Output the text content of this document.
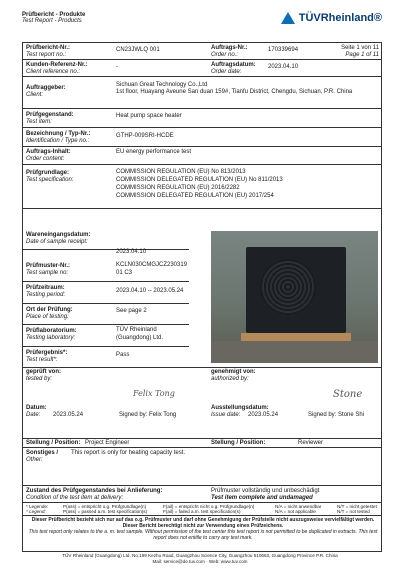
Prüfbericht - Produkte
Test Report - Products	TÜVRheinland®
Prüfbericht-Nr.:
Test report no.:
CN23JWLQ 001	Auftrags-Nr.:
Order no.:
170339694	Seite 1 von 11
Page 1 of 11
Kunden-Referenz-Nr.:
Client reference no.:
-	Auftragsdatum:
Order date:
2023.04.10
Auftraggeber:
Client:
Sichuan Great Technology Co.,Ltd
1st floor, Huayang Aveune San duan 159#, Tianfu District, Chengdu, Sichuan, P.R. China
Prüfgegenstand:
Test item:
Heat pump space heater
Bezeichnung / Typ-Nr.:
Identification / Type no.:
GTHP-009SRI-HCDE
Auftrags-Inhalt:
Order content:
EU energy performance test
Prüfgrundlage:
Test specification:
COMMISSION REGULATION (EU) No 813/2013
COMMISSION DELEGATED REGULATION (EU) No 811/2013
COMMISSION REGULATION (EU) 2016/2282
COMMISSION DELEGATED REGULATION (EU) 2017/254
Wareneingangsdatum:
Date of sample receipt:
2023.04.10
Prüfmuster-Nr.:
Test sample no:
KCLN030CMGJCZ230319
01 C3
Prüfzeitraum:
Testing period:
2023.04.10 -- 2023.05.24
Ort der Prüfung:
Place of testing:
See page 2
Prüflaboratorium:
Testing laboratory:
TÜV Rheinland
(Guangdong) Ltd.
Prüfergebnis*:
Test result*:
Pass
geprüft von:
tested by:
genehmigt von:
authorized by:
Felix Tong	Stone
Datum:
Date:	2023.05.24	Signed by: Felix Tong
Ausstellungsdatum:
Issue date:	2023.05.24	Signed by: Stone Shi
Stellung / Position: Project Engineer	Stellung / Position:	Reviewer
Sonstiges /
Other:
This report is only for heating capacity test.
Zustand des Prüfgegenstandes bei Anlieferung:
Condition of the test item at delivery:
Prüfmuster vollständig und unbeschädigt
Test item complete and undamaged
* Legende:
* Legend:
P(ass) = entspricht o.g. Prüfgrundlage(n)
P(ass) = passed a.m. test specification(s)
F(ail) = entspricht nicht o.g. Prüfgrundlage(n)
F(ail) = failed a.m. test specification(s)
N/A = nicht anwendbar
N/A = not applicable
N/T = nicht getestet
N/T = not tested
Dieser Prüfbericht bezieht sich nur auf das o.g. Prüfmuster und darf ohne Genehmigung der Prüfstelle nicht auszugsweise vervielfältigt werden. Dieser Bericht berechtigt nicht zur Verwendung eines Prüfzeichens.
This test report only relates to the a. m. test sample. Without permission of the test center this test report is not permitted to be duplicated in extracts. This test report does not entitle to carry any test mark.
TÜV Rheinland (Guangdong) Ltd. No.199 Kezhu Road, Guangzhou Science City, Guangzhou 510663, Guangdong Province P.R. China
Mail: service@de.tuv.com · Web: www.tuv.com
